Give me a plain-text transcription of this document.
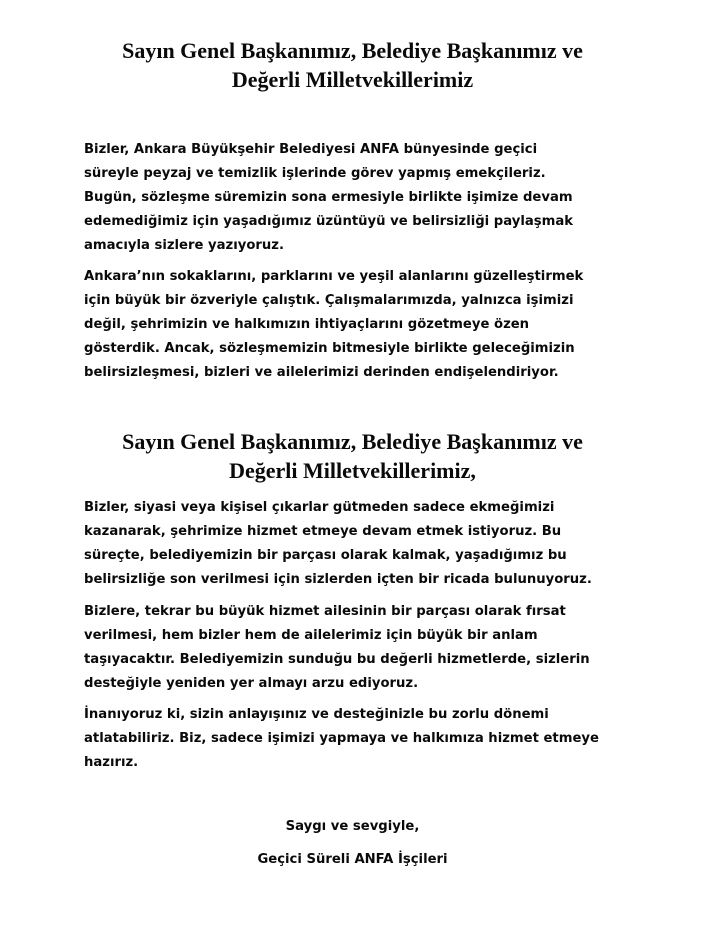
Sayın Genel Başkanımız, Belediye Başkanımız ve
Değerli Milletvekillerimiz
Bizler, Ankara Büyükşehir Belediyesi ANFA bünyesinde geçici
süreyle peyzaj ve temizlik işlerinde görev yapmış emekçileriz.
Bugün, sözleşme süremizin sona ermesiyle birlikte işimize devam
edemediğimiz için yaşadığımız üzüntüyü ve belirsizliği paylaşmak
amacıyla sizlere yazıyoruz.
Ankara’nın sokaklarını, parklarını ve yeşil alanlarını güzelleştirmek
için büyük bir özveriyle çalıştık. Çalışmalarımızda, yalnızca işimizi
değil, şehrimizin ve halkımızın ihtiyaçlarını gözetmeye özen
gösterdik. Ancak, sözleşmemizin bitmesiyle birlikte geleceğimizin
belirsizleşmesi, bizleri ve ailelerimizi derinden endişelendiriyor.
Sayın Genel Başkanımız, Belediye Başkanımız ve
Değerli Milletvekillerimiz,
Bizler, siyasi veya kişisel çıkarlar gütmeden sadece ekmeğimizi
kazanarak, şehrimize hizmet etmeye devam etmek istiyoruz. Bu
süreçte, belediyemizin bir parçası olarak kalmak, yaşadığımız bu
belirsizliğe son verilmesi için sizlerden içten bir ricada bulunuyoruz.
Bizlere, tekrar bu büyük hizmet ailesinin bir parçası olarak fırsat
verilmesi, hem bizler hem de ailelerimiz için büyük bir anlam
taşıyacaktır. Belediyemizin sunduğu bu değerli hizmetlerde, sizlerin
desteğiyle yeniden yer almayı arzu ediyoruz.
İnanıyoruz ki, sizin anlayışınız ve desteğinizle bu zorlu dönemi
atlatabiliriz. Biz, sadece işimizi yapmaya ve halkımıza hizmet etmeye
hazırız.

Saygı ve sevgiyle,

Geçici Süreli ANFA İşçileri
